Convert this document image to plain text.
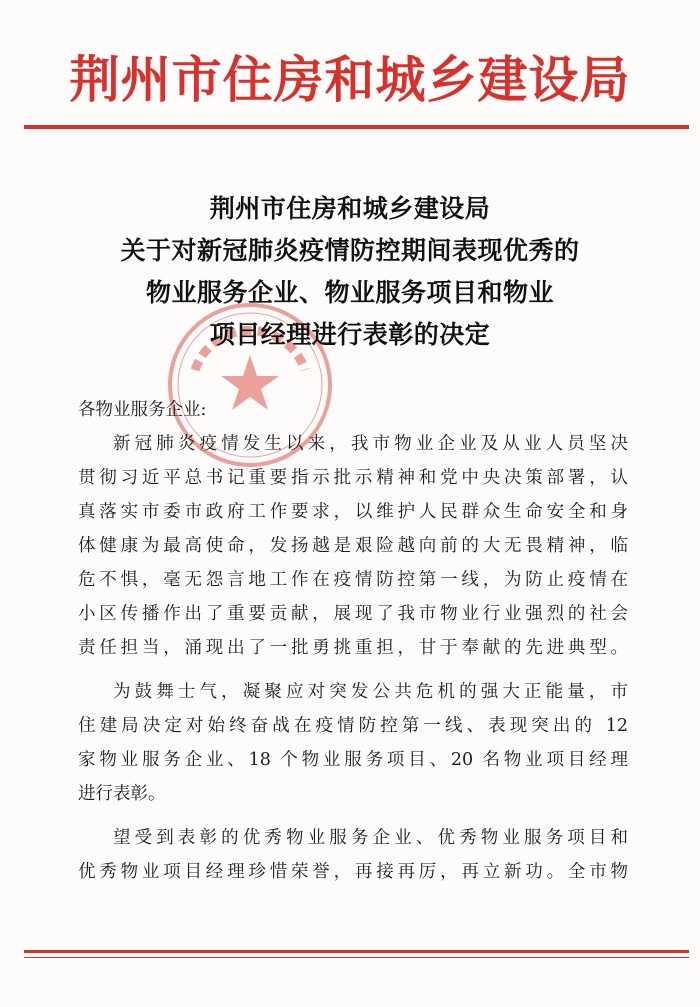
荆州市住房和城乡建设局
荆州市住房和城乡建设局
关于对新冠肺炎疫情防控期间表现优秀的
物业服务企业、物业服务项目和物业
项目经理进行表彰的决定
各物业服务企业:
新冠肺炎疫情发生以来，我市物业企业及从业人员坚决
贯彻习近平总书记重要指示批示精神和党中央决策部署，认
真落实市委市政府工作要求，以维护人民群众生命安全和身
体健康为最高使命，发扬越是艰险越向前的大无畏精神，临
危不惧，毫无怨言地工作在疫情防控第一线，为防止疫情在
小区传播作出了重要贡献，展现了我市物业行业强烈的社会
责任担当，涌现出了一批勇挑重担，甘于奉献的先进典型。
为鼓舞士气，凝聚应对突发公共危机的强大正能量，市
住建局决定对始终奋战在疫情防控第一线、表现突出的 12
家物业服务企业、18 个物业服务项目、20 名物业项目经理
进行表彰。
望受到表彰的优秀物业服务企业、优秀物业服务项目和
优秀物业项目经理珍惜荣誉，再接再厉，再立新功。全市物
